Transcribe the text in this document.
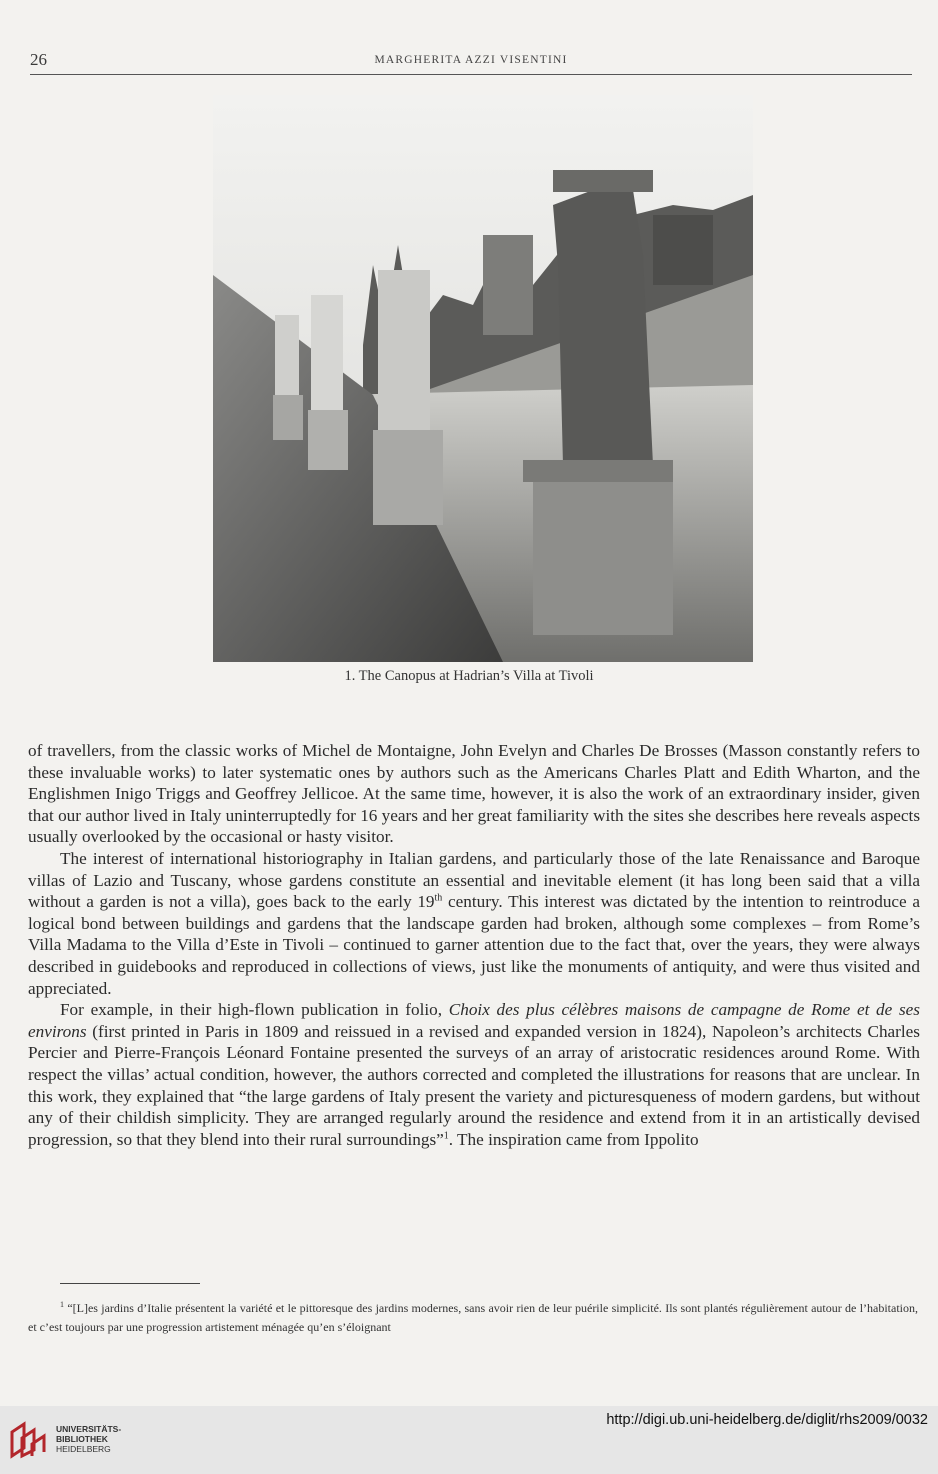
26	MARGHERITA AZZI VISENTINI
1. The Canopus at Hadrian’s Villa at Tivoli

of travellers, from the classic works of Michel de Montaigne, John Evelyn and Charles De Brosses (Masson constantly refers to these invaluable works) to later systematic ones by authors such as the Americans Charles Platt and Edith Wharton, and the Englishmen Inigo Triggs and Geoffrey Jellicoe. At the same time, however, it is also the work of an extraordinary insider, given that our author lived in Italy uninterruptedly for 16 years and her great familiarity with the sites she describes here reveals aspects usually overlooked by the occasional or hasty visitor.

The interest of international historiography in Italian gardens, and particularly those of the late Renaissance and Baroque villas of Lazio and Tuscany, whose gardens constitute an essential and inevitable element (it has long been said that a villa without a garden is not a villa), goes back to the early 19th century. This interest was dictated by the intention to reintroduce a logical bond between buildings and gardens that the landscape garden had broken, although some complexes – from Rome’s Villa Madama to the Villa d’Este in Tivoli – continued to garner attention due to the fact that, over the years, they were always described in guidebooks and reproduced in collections of views, just like the monuments of antiquity, and were thus visited and appreciated.

For example, in their high-flown publication in folio, Choix des plus célèbres maisons de campagne de Rome et de ses environs (first printed in Paris in 1809 and reissued in a revised and expanded version in 1824), Napoleon’s architects Charles Percier and Pierre-François Léonard Fontaine presented the surveys of an array of aristocratic residences around Rome. With respect the villas’ actual condition, however, the authors corrected and completed the illustrations for reasons that are unclear. In this work, they explained that “the large gardens of Italy present the variety and picturesqueness of modern gardens, but without any of their childish simplicity. They are arranged regularly around the residence and extend from it in an artistically devised progression, so that they blend into their rural surroundings”$^1$. The inspiration came from Ippolito

$^1$ “[L]es jardins d’Italie présentent la variété et le pittoresque des jardins modernes, sans avoir rien de leur puérile simplicité. Ils sont plantés régulièrement autour de l’habitation, et c’est toujours par une progression artistement ménagée qu’en s’éloignant
UNIVERSITÄTS-
BIBLIOTHEK
HEIDELBERG
http://digi.ub.uni-heidelberg.de/diglit/rhs2009/0032
